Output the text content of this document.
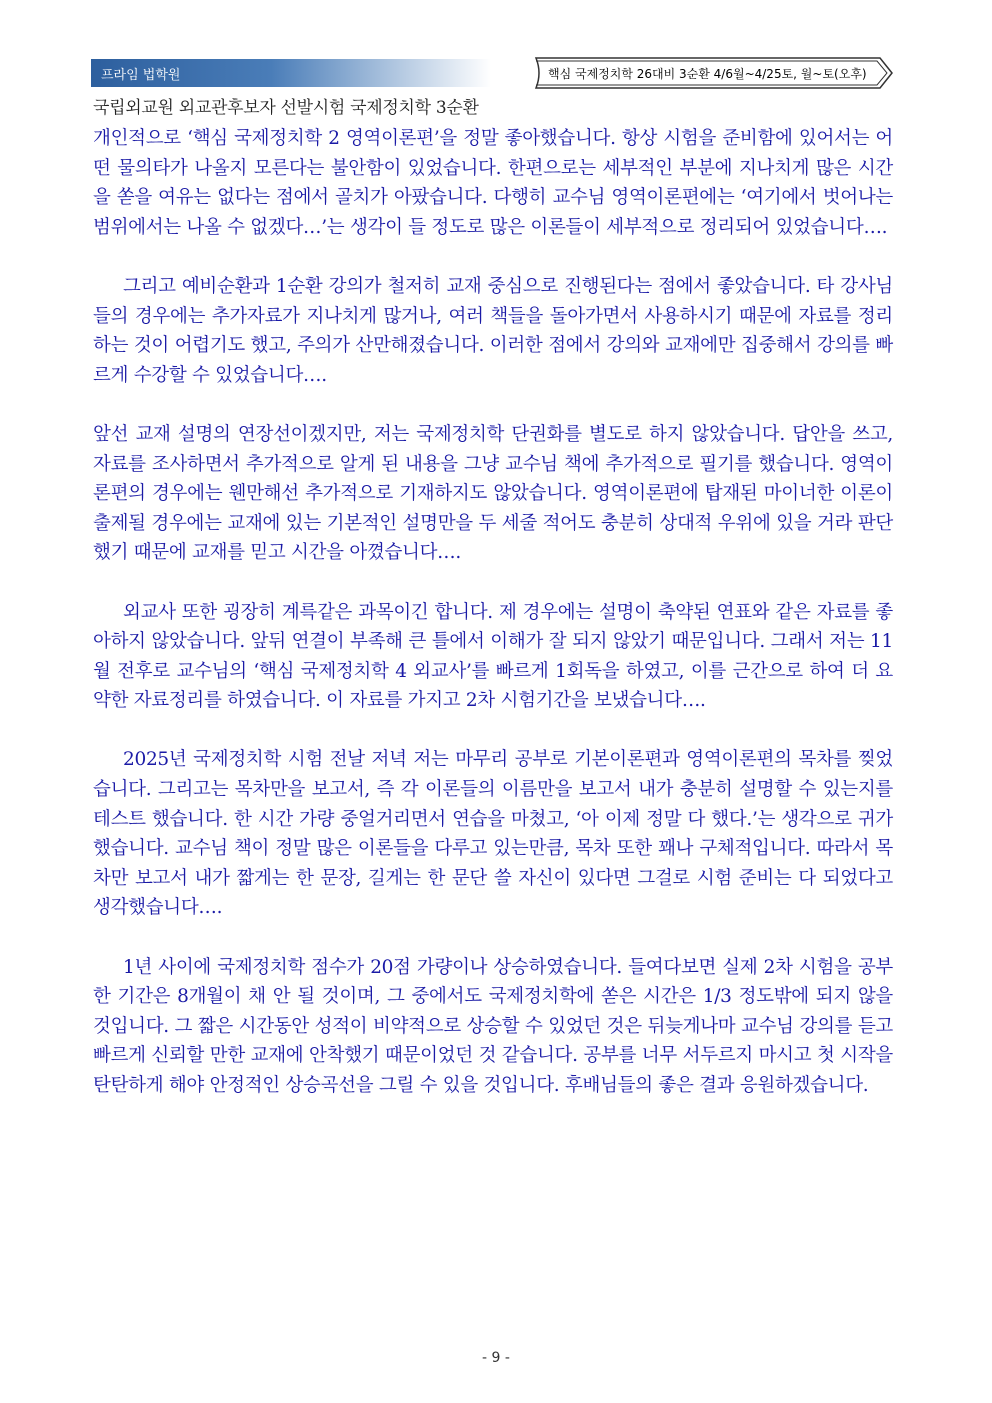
프라임 법학원	핵심 국제정치학 26대비 3순환 4/6월~4/25토, 월~토(오후)
국립외교원 외교관후보자 선발시험 국제정치학 3순환

개인적으로 ‘핵심 국제정치학 2 영역이론편’을 정말 좋아했습니다. 항상 시험을 준비함에 있어서는 어떤 물의타가 나올지 모른다는 불안함이 있었습니다. 한편으로는 세부적인 부분에 지나치게 많은 시간을 쏟을 여유는 없다는 점에서 골치가 아팠습니다. 다행히 교수님 영역이론편에는 ‘여기에서 벗어나는 범위에서는 나올 수 없겠다…’는 생각이 들 정도로 많은 이론들이 세부적으로 정리되어 있었습니다….

그리고 예비순환과 1순환 강의가 철저히 교재 중심으로 진행된다는 점에서 좋았습니다. 타 강사님들의 경우에는 추가자료가 지나치게 많거나, 여러 책들을 돌아가면서 사용하시기 때문에 자료를 정리하는 것이 어렵기도 했고, 주의가 산만해졌습니다. 이러한 점에서 강의와 교재에만 집중해서 강의를 빠르게 수강할 수 있었습니다….

앞선 교재 설명의 연장선이겠지만, 저는 국제정치학 단권화를 별도로 하지 않았습니다. 답안을 쓰고, 자료를 조사하면서 추가적으로 알게 된 내용을 그냥 교수님 책에 추가적으로 필기를 했습니다. 영역이론편의 경우에는 웬만해선 추가적으로 기재하지도 않았습니다. 영역이론편에 탑재된 마이너한 이론이 출제될 경우에는 교재에 있는 기본적인 설명만을 두 세줄 적어도 충분히 상대적 우위에 있을 거라 판단했기 때문에 교재를 믿고 시간을 아꼈습니다….

외교사 또한 굉장히 계륵같은 과목이긴 합니다. 제 경우에는 설명이 축약된 연표와 같은 자료를 좋아하지 않았습니다. 앞뒤 연결이 부족해 큰 틀에서 이해가 잘 되지 않았기 때문입니다. 그래서 저는 11월 전후로 교수님의 ‘핵심 국제정치학 4 외교사’를 빠르게 1회독을 하였고, 이를 근간으로 하여 더 요약한 자료정리를 하였습니다. 이 자료를 가지고 2차 시험기간을 보냈습니다….

2025년 국제정치학 시험 전날 저녁 저는 마무리 공부로 기본이론편과 영역이론편의 목차를 찢었습니다. 그리고는 목차만을 보고서, 즉 각 이론들의 이름만을 보고서 내가 충분히 설명할 수 있는지를 테스트 했습니다. 한 시간 가량 중얼거리면서 연습을 마쳤고, ‘아 이제 정말 다 했다.’는 생각으로 귀가했습니다. 교수님 책이 정말 많은 이론들을 다루고 있는만큼, 목차 또한 꽤나 구체적입니다. 따라서 목차만 보고서 내가 짧게는 한 문장, 길게는 한 문단 쓸 자신이 있다면 그걸로 시험 준비는 다 되었다고 생각했습니다….

1년 사이에 국제정치학 점수가 20점 가량이나 상승하였습니다. 들여다보면 실제 2차 시험을 공부한 기간은 8개월이 채 안 될 것이며, 그 중에서도 국제정치학에 쏟은 시간은 1/3 정도밖에 되지 않을 것입니다. 그 짧은 시간동안 성적이 비약적으로 상승할 수 있었던 것은 뒤늦게나마 교수님 강의를 듣고 빠르게 신뢰할 만한 교재에 안착했기 때문이었던 것 같습니다. 공부를 너무 서두르지 마시고 첫 시작을 탄탄하게 해야 안정적인 상승곡선을 그릴 수 있을 것입니다. 후배님들의 좋은 결과 응원하겠습니다.

- 9 -
